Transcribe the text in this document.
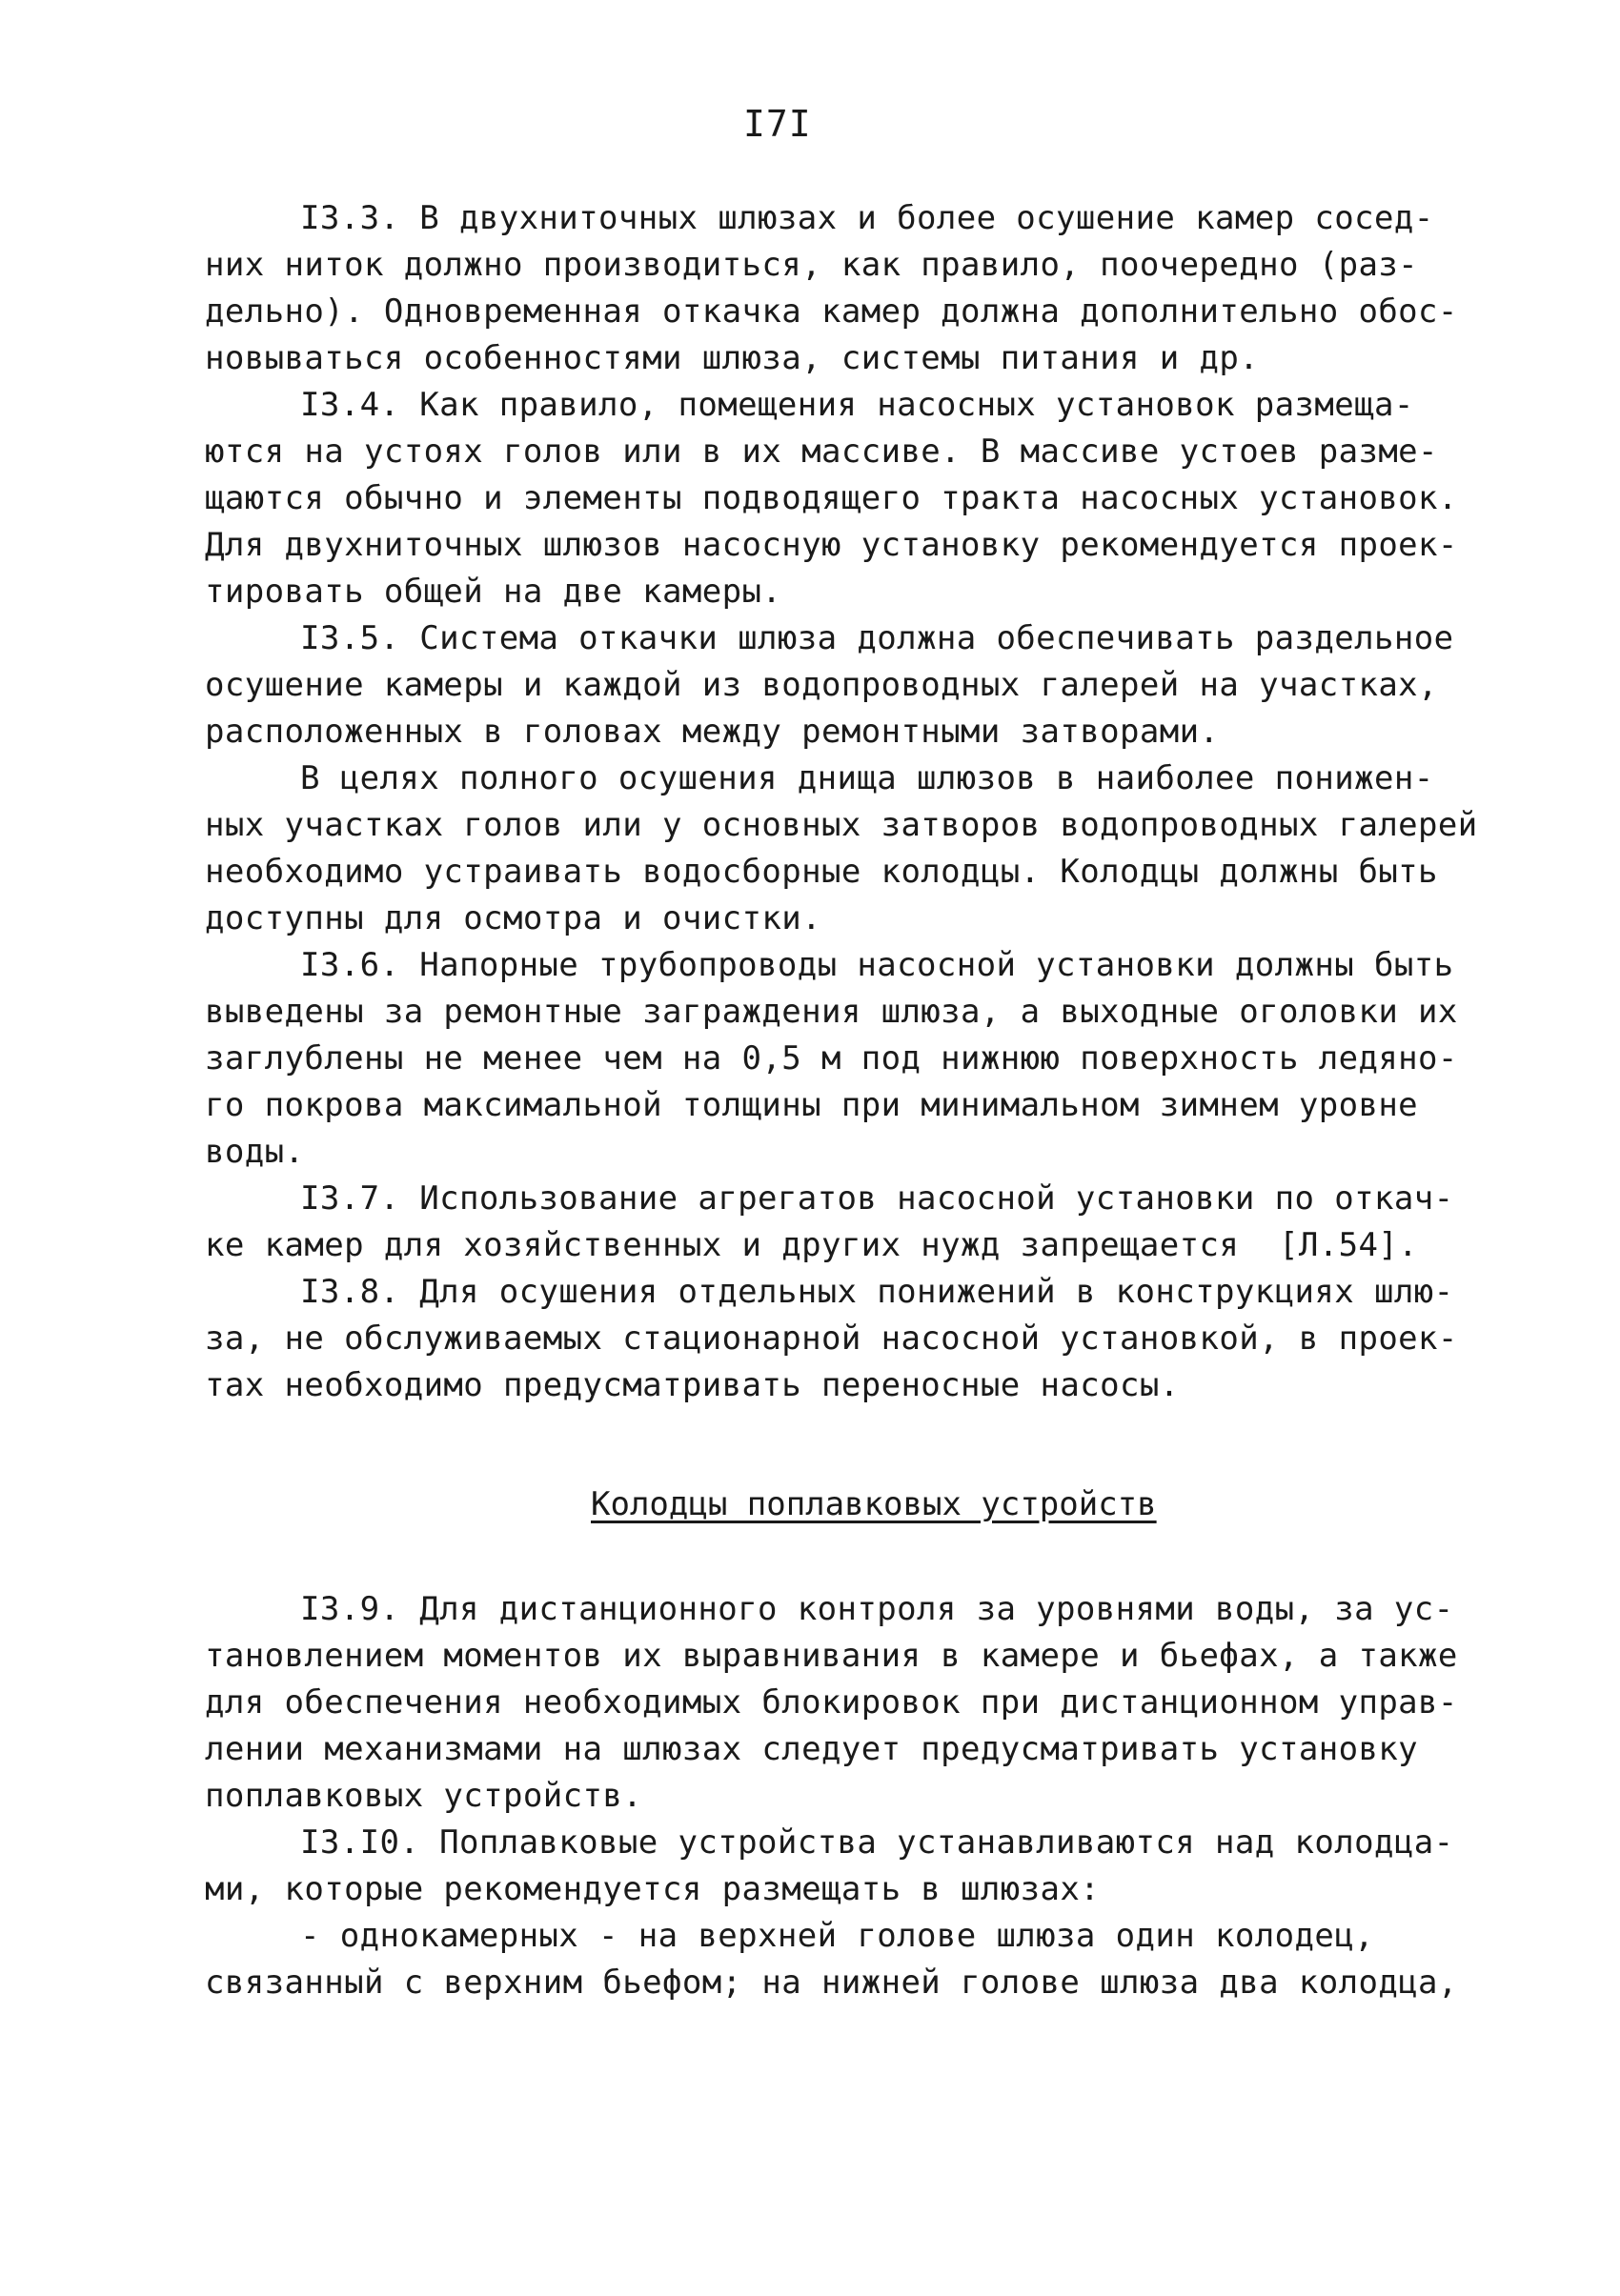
I7I
I3.3. В двухниточных шлюзах и более осушение камер сосед-
них ниток должно производиться, как правило, поочередно (раз-
дельно). Одновременная откачка камер должна дополнительно обос-
новываться особенностями шлюза, системы питания и др.
I3.4. Как правило, помещения насосных установок размеща-
ются на устоях голов или в их массиве. В массиве устоев разме-
щаются обычно и элементы подводящего тракта насосных установок.
Для двухниточных шлюзов насосную установку рекомендуется проек-
тировать общей на две камеры.
I3.5. Система откачки шлюза должна обеспечивать раздельное
осушение камеры и каждой из водопроводных галерей на участках,
расположенных в головах между ремонтными затворами.
В целях полного осушения днища шлюзов в наиболее понижен-
ных участках голов или у основных затворов водопроводных галерей
необходимо устраивать водосборные колодцы. Колодцы должны быть
доступны для осмотра и очистки.
I3.6. Напорные трубопроводы насосной установки должны быть
выведены за ремонтные заграждения шлюза, а выходные оголовки их
заглублены не менее чем на 0,5 м под нижнюю поверхность ледяно-
го покрова максимальной толщины при минимальном зимнем уровне
воды.
I3.7. Использование агрегатов насосной установки по откач-
ке камер для хозяйственных и других нужд запрещается  [Л.54].
I3.8. Для осушения отдельных понижений в конструкциях шлю-
за, не обслуживаемых стационарной насосной установкой, в проек-
тах необходимо предусматривать переносные насосы.
Колодцы поплавковых устройств
I3.9. Для дистанционного контроля за уровнями воды, за ус-
тановлением моментов их выравнивания в камере и бьефах, а также
для обеспечения необходимых блокировок при дистанционном управ-
лении механизмами на шлюзах следует предусматривать установку
поплавковых устройств.
I3.I0. Поплавковые устройства устанавливаются над колодца-
ми, которые рекомендуется размещать в шлюзах:
- однокамерных - на верхней голове шлюза один колодец,
связанный с верхним бьефом; на нижней голове шлюза два колодца,
